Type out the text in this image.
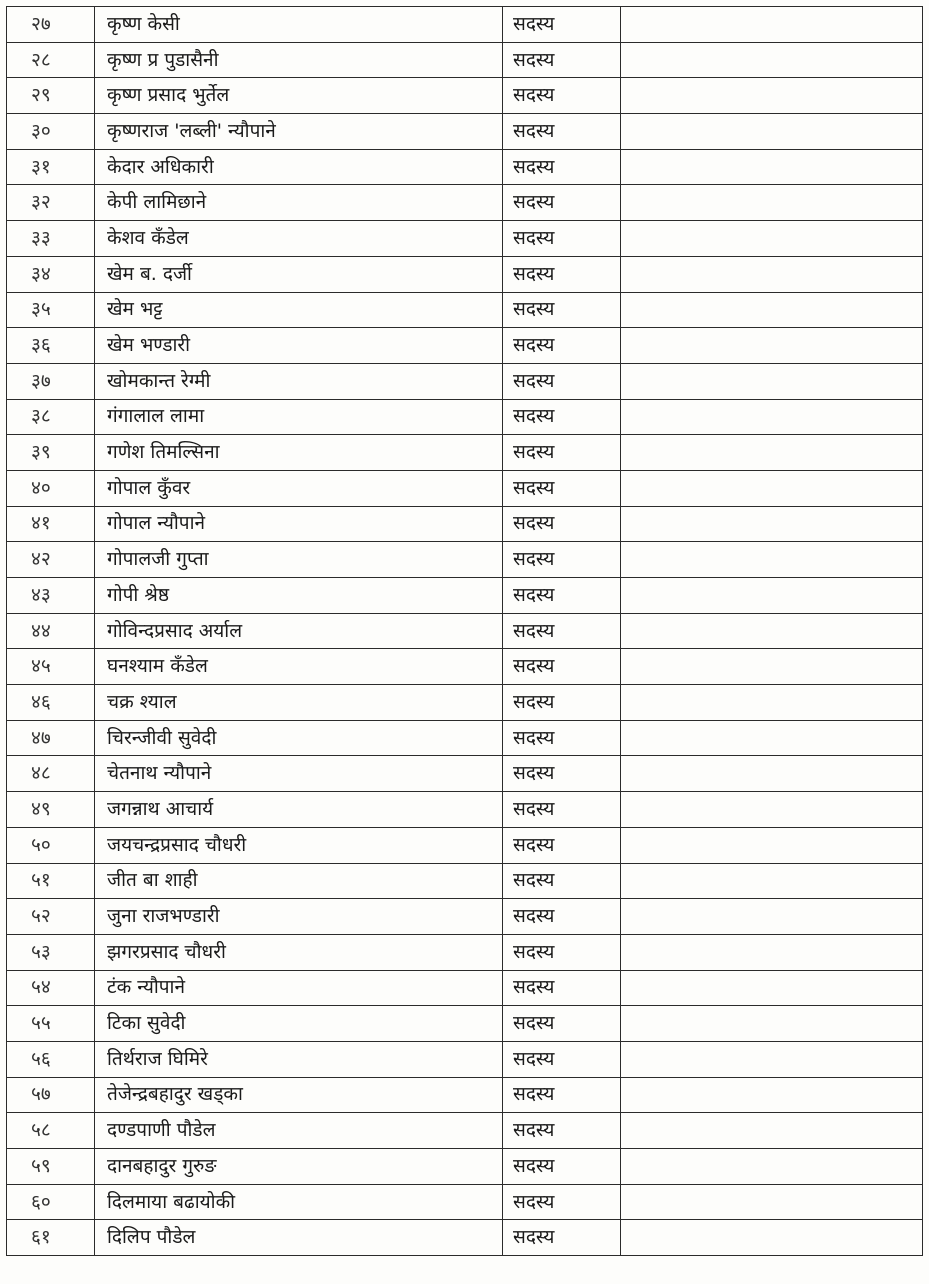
२७	कृष्ण केसी	सदस्य	
२८	कृष्ण प्र पुडासैनी	सदस्य	
२९	कृष्ण प्रसाद भुर्तेल	सदस्य	
३०	कृष्णराज 'लब्ली' न्यौपाने	सदस्य	
३१	केदार अधिकारी	सदस्य	
३२	केपी लामिछाने	सदस्य	
३३	केशव कँडेल	सदस्य	
३४	खेम ब. दर्जी	सदस्य	
३५	खेम भट्ट	सदस्य	
३६	खेम भण्डारी	सदस्य	
३७	खोमकान्त रेग्मी	सदस्य	
३८	गंगालाल लामा	सदस्य	
३९	गणेश तिमल्सिना	सदस्य	
४०	गोपाल कुँवर	सदस्य	
४१	गोपाल न्यौपाने	सदस्य	
४२	गोपालजी गुप्ता	सदस्य	
४३	गोपी श्रेष्ठ	सदस्य	
४४	गोविन्दप्रसाद अर्याल	सदस्य	
४५	घनश्याम कँडेल	सदस्य	
४६	चक्र श्याल	सदस्य	
४७	चिरन्जीवी सुवेदी	सदस्य	
४८	चेतनाथ न्यौपाने	सदस्य	
४९	जगन्नाथ आचार्य	सदस्य	
५०	जयचन्द्रप्रसाद चौधरी	सदस्य	
५१	जीत बा शाही	सदस्य	
५२	जुना राजभण्डारी	सदस्य	
५३	झगरप्रसाद चौधरी	सदस्य	
५४	टंक न्यौपाने	सदस्य	
५५	टिका सुवेदी	सदस्य	
५६	तिर्थराज घिमिरे	सदस्य	
५७	तेजेन्द्रबहादुर खड्का	सदस्य	
५८	दण्डपाणी पौडेल	सदस्य	
५९	दानबहादुर गुरुङ	सदस्य	
६०	दिलमाया बढायोकी	सदस्य	
६१	दिलिप पौडेल	सदस्य	
